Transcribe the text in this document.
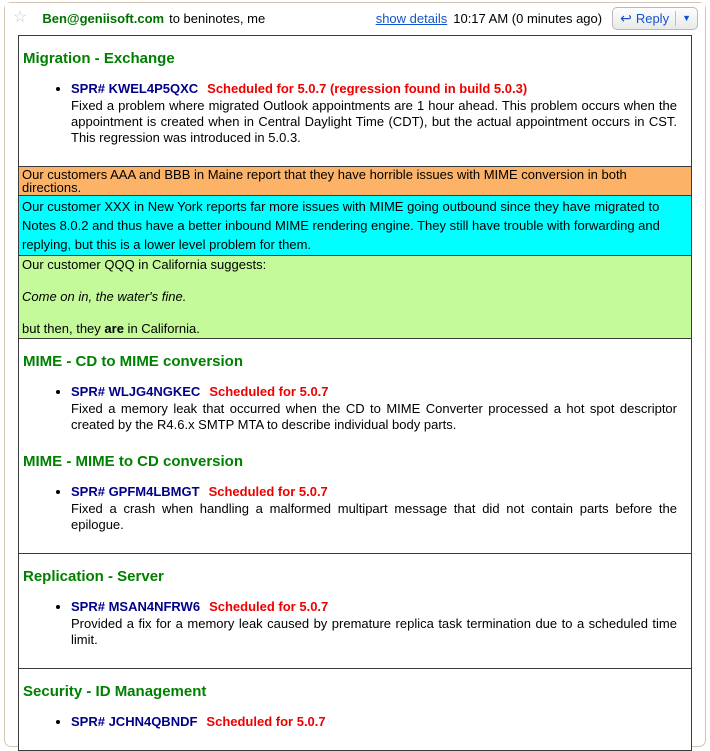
☆ Ben@geniisoft.com to beninotes, me	show details 10:17 AM (0 minutes ago) ↩ Reply ▼
Migration - Exchange
• SPR# KWEL4P5QXC Scheduled for 5.0.7 (regression found in build 5.0.3)
Fixed a problem where migrated Outlook appointments are 1 hour ahead. This problem occurs when the appointment is created when in Central Daylight Time (CDT), but the actual appointment occurs in CST. This regression was introduced in 5.0.3.
Our customers AAA and BBB in Maine report that they have horrible issues with MIME conversion in both directions.
Our customer XXX in New York reports far more issues with MIME going outbound since they have migrated to Notes 8.0.2 and thus have a better inbound MIME rendering engine. They still have trouble with forwarding and replying, but this is a lower level problem for them.
Our customer QQQ in California suggests:

Come on in, the water's fine.

but then, they are in California.
MIME - CD to MIME conversion
• SPR# WLJG4NGKEC Scheduled for 5.0.7
Fixed a memory leak that occurred when the CD to MIME Converter processed a hot spot descriptor created by the R4.6.x SMTP MTA to describe individual body parts.
MIME - MIME to CD conversion
• SPR# GPFM4LBMGT Scheduled for 5.0.7
Fixed a crash when handling a malformed multipart message that did not contain parts before the epilogue.
Replication - Server
• SPR# MSAN4NFRW6 Scheduled for 5.0.7
Provided a fix for a memory leak caused by premature replica task termination due to a scheduled time limit.
Security - ID Management
• SPR# JCHN4QBNDF Scheduled for 5.0.7
